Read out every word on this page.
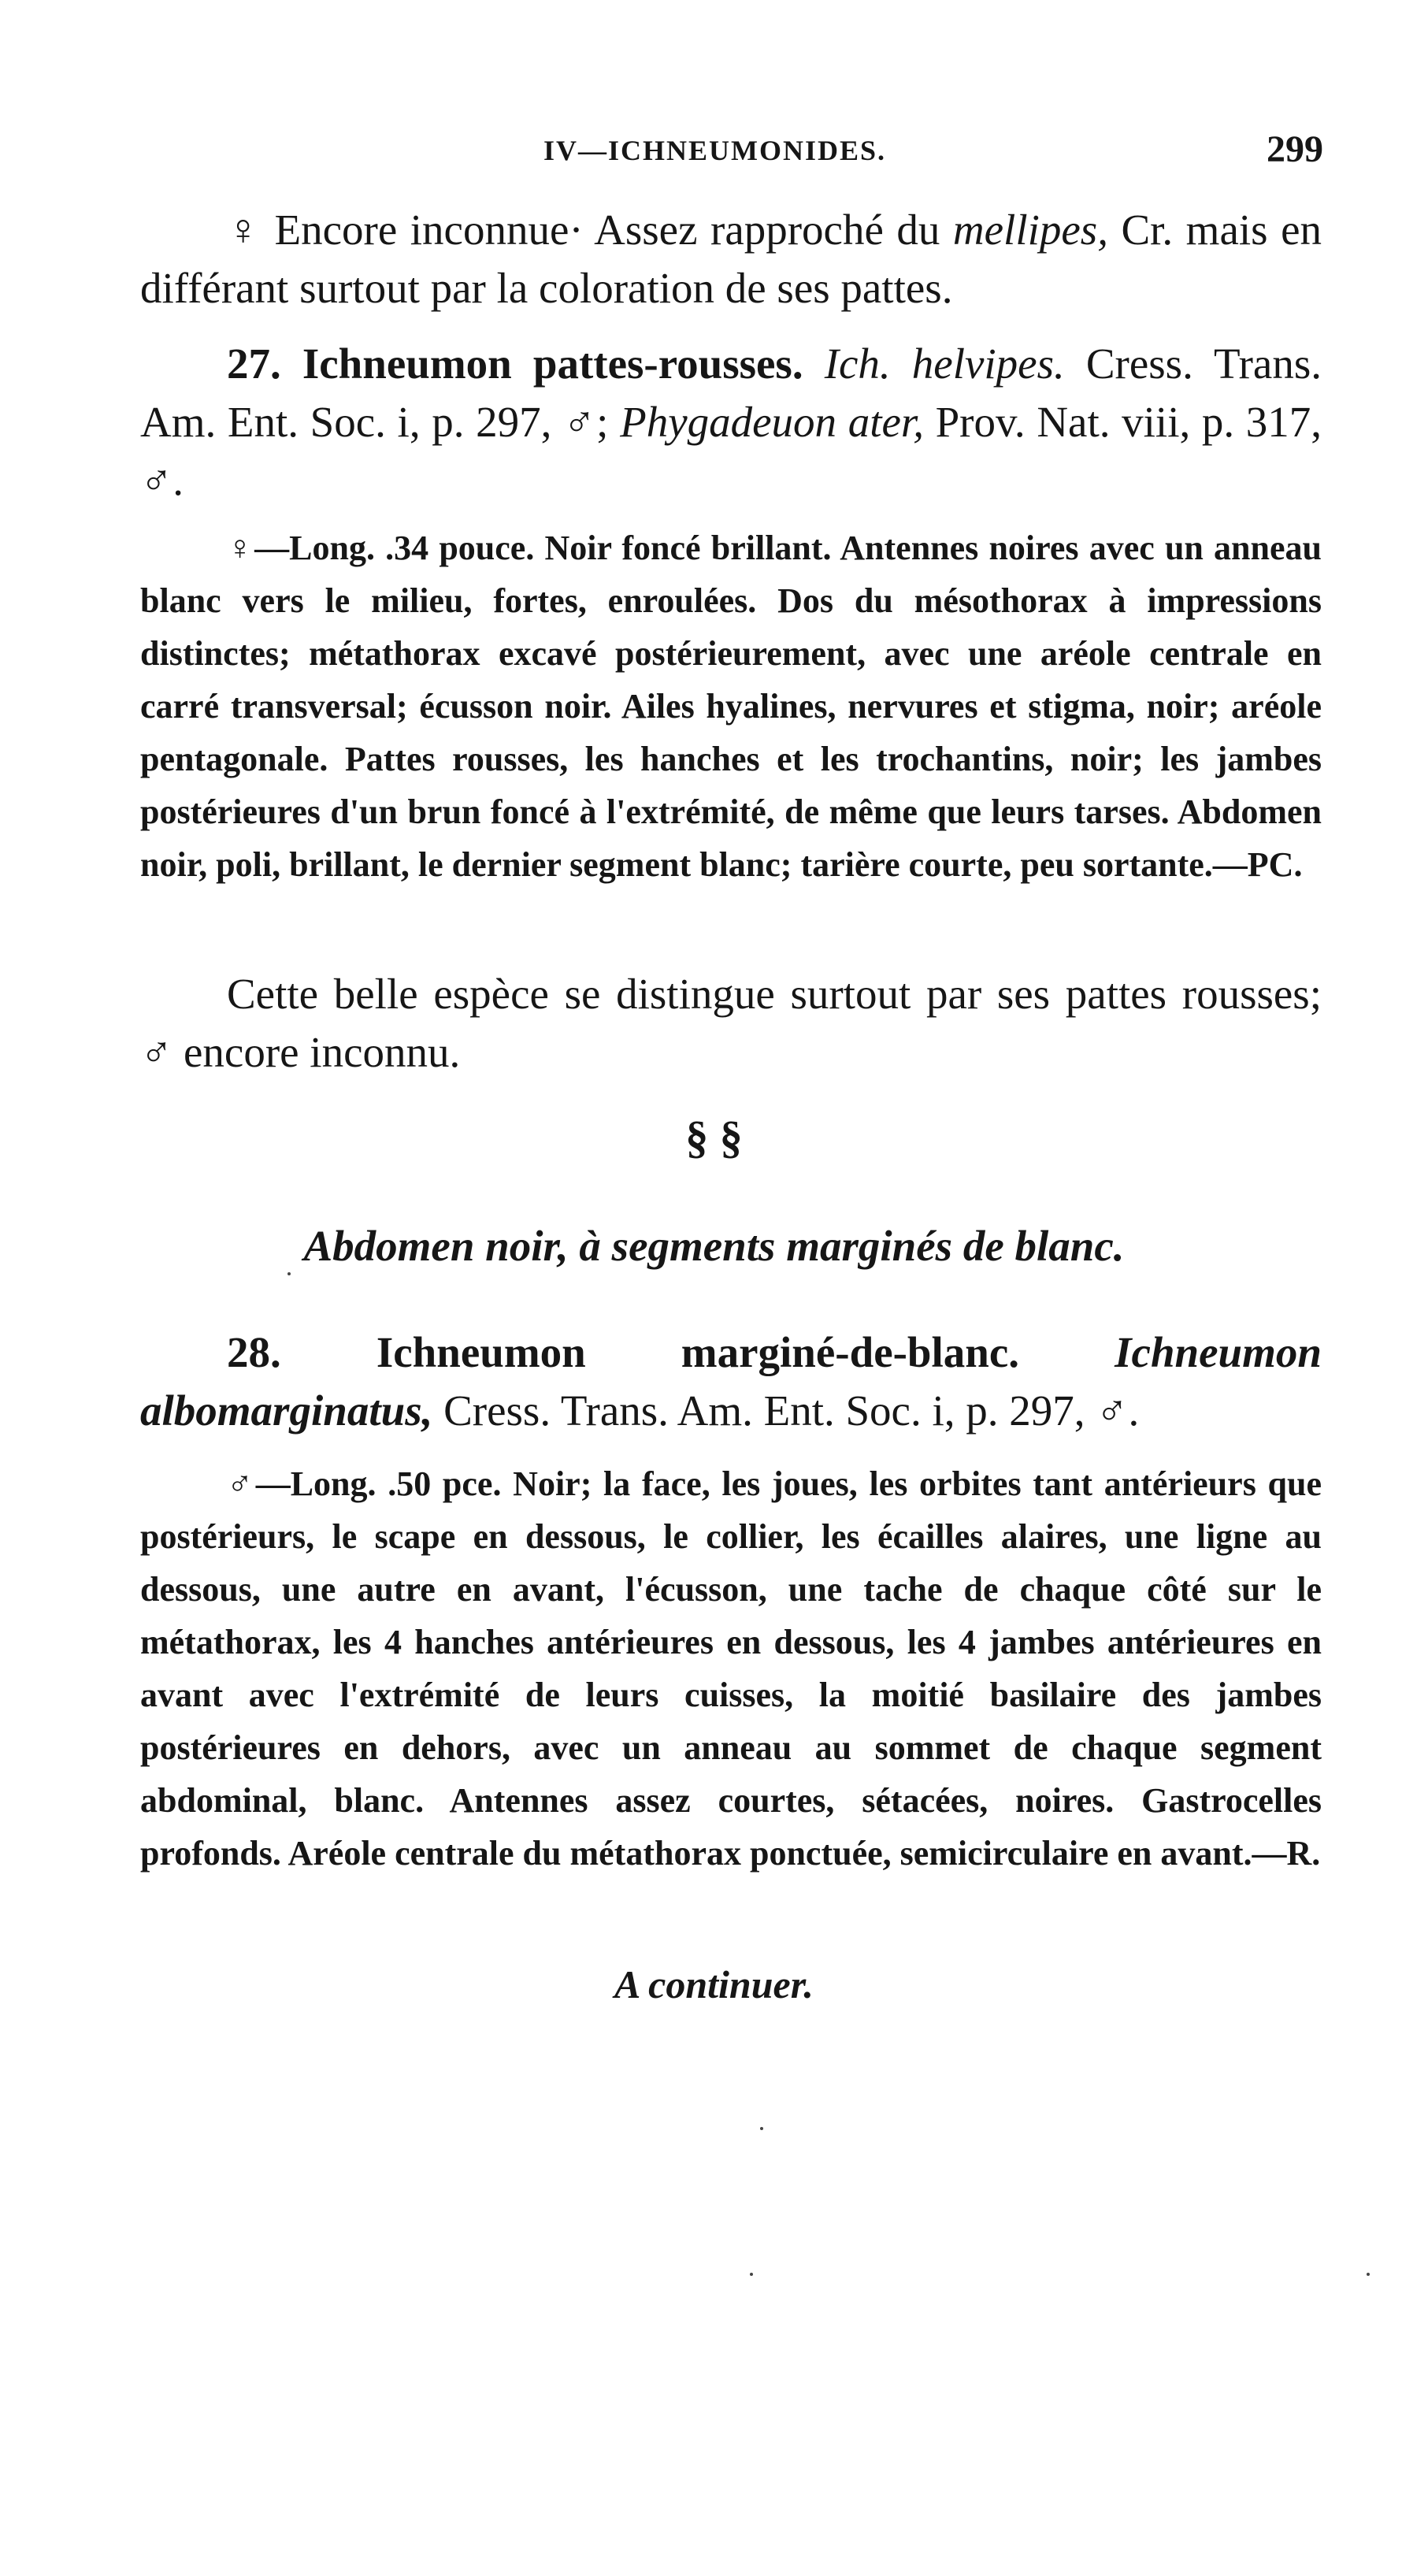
IV—ICHNEUMONIDES.	299
♀ Encore inconnue· Assez rapproché du mellipes, Cr. mais en différant surtout par la coloration de ses pattes.
27. Ichneumon pattes-rousses. Ich. helvipes. Cress. Trans. Am. Ent. Soc. i, p. 297, ♂; Phygadeuon ater, Prov. Nat. viii, p. 317, ♂.
♀—Long. .34 pouce. Noir foncé brillant. Antennes noires avec un anneau blanc vers le milieu, fortes, enroulées. Dos du mésothorax à impressions distinctes; métathorax excavé postérieurement, avec une aréole centrale en carré transversal; écusson noir. Ailes hyalines, nervures et stigma, noir; aréole pentagonale. Pattes rousses, les hanches et les trochantins, noir; les jambes postérieures d'un brun foncé à l'extrémité, de même que leurs tarses. Abdomen noir, poli, brillant, le dernier segment blanc; tarière courte, peu sortante.—PC.
Cette belle espèce se distingue surtout par ses pattes rousses; ♂ encore inconnu.
§ §
Abdomen noir, à segments marginés de blanc.
28. Ichneumon marginé-de-blanc. Ichneumon albomarginatus, Cress. Trans. Am. Ent. Soc. i, p. 297, ♂.
♂—Long. .50 pce. Noir; la face, les joues, les orbites tant antérieurs que postérieurs, le scape en dessous, le collier, les écailles alaires, une ligne au dessous, une autre en avant, l'écusson, une tache de chaque côté sur le métathorax, les 4 hanches antérieures en dessous, les 4 jambes antérieures en avant avec l'extrémité de leurs cuisses, la moitié basilaire des jambes postérieures en dehors, avec un anneau au sommet de chaque segment abdominal, blanc. Antennes assez courtes, sétacées, noires. Gastrocelles profonds. Aréole centrale du métathorax ponctuée, semicirculaire en avant.—R.
A continuer.
